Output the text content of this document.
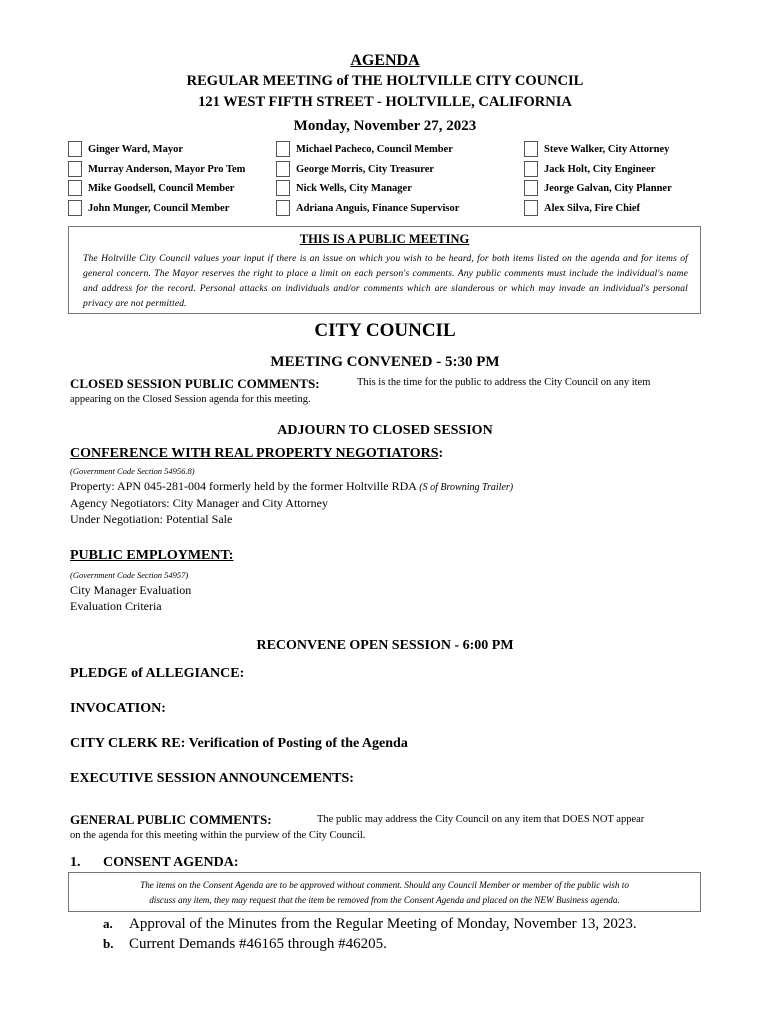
AGENDA
REGULAR MEETING of THE HOLTVILLE CITY COUNCIL
121 WEST FIFTH STREET - HOLTVILLE, CALIFORNIA
Monday, November 27, 2023
Ginger Ward, Mayor	Michael Pacheco, Council Member	Steve Walker, City Attorney
Murray Anderson, Mayor Pro Tem	George Morris, City Treasurer	Jack Holt, City Engineer
Mike Goodsell, Council Member	Nick Wells, City Manager	Jeorge Galvan, City Planner
John Munger, Council Member	Adriana Anguis, Finance Supervisor	Alex Silva, Fire Chief
THIS IS A PUBLIC MEETING
The Holtville City Council values your input if there is an issue on which you wish to be heard, for both items listed on the agenda and for items of general concern. The Mayor reserves the right to place a limit on each person's comments. Any public comments must include the individual's name and address for the record. Personal attacks on individuals and/or comments which are slanderous or which may invade an individual's personal privacy are not permitted.
CITY COUNCIL
MEETING CONVENED - 5:30 PM
CLOSED SESSION PUBLIC COMMENTS:	This is the time for the public to address the City Council on any item
appearing on the Closed Session agenda for this meeting.
ADJOURN TO CLOSED SESSION
CONFERENCE WITH REAL PROPERTY NEGOTIATORS:
(Government Code Section 54956.8)
Property: APN 045-281-004 formerly held by the former Holtville RDA (S of Browning Trailer)
Agency Negotiators: City Manager and City Attorney
Under Negotiation: Potential Sale
PUBLIC EMPLOYMENT:
(Government Code Section 54957)
City Manager Evaluation
Evaluation Criteria
RECONVENE OPEN SESSION - 6:00 PM
PLEDGE of ALLEGIANCE:
INVOCATION:
CITY CLERK RE: Verification of Posting of the Agenda
EXECUTIVE SESSION ANNOUNCEMENTS:
GENERAL PUBLIC COMMENTS:	The public may address the City Council on any item that DOES NOT appear
on the agenda for this meeting within the purview of the City Council.
1. CONSENT AGENDA:
The items on the Consent Agenda are to be approved without comment. Should any Council Member or member of the public wish to
discuss any item, they may request that the item be removed from the Consent Agenda and placed on the NEW Business agenda.
a. Approval of the Minutes from the Regular Meeting of Monday, November 13, 2023.
b. Current Demands #46165 through #46205.
